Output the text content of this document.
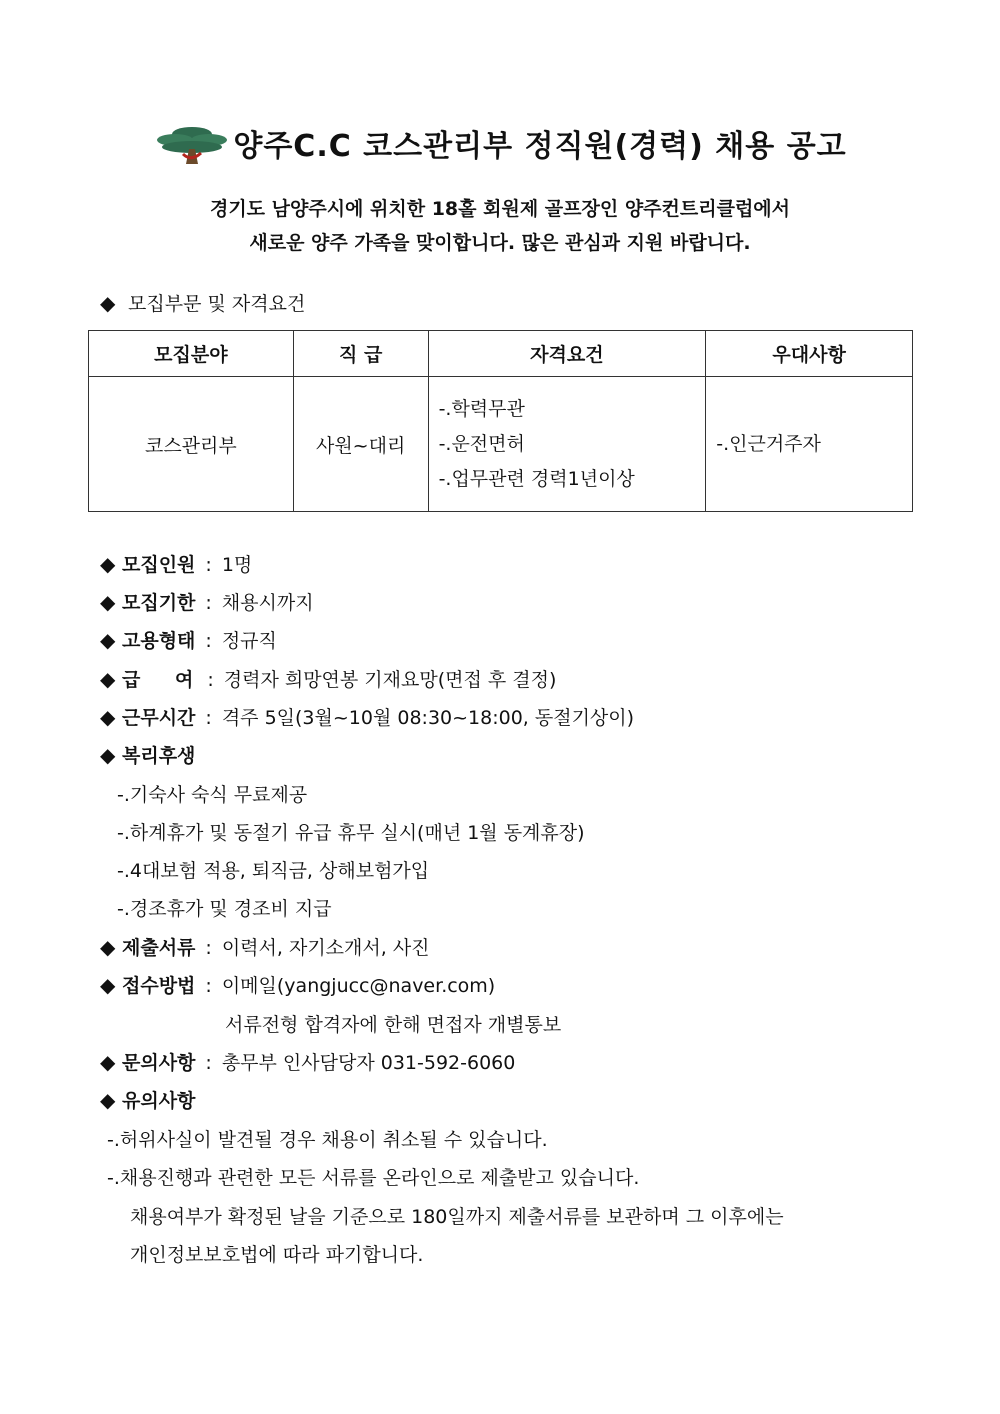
양주C.C 코스관리부 정직원(경력) 채용 공고
경기도 남양주시에 위치한 18홀 회원제 골프장인 양주컨트리클럽에서
새로운 양주 가족을 맞이합니다. 많은 관심과 지원 바랍니다.
◆ 모집부문 및 자격요건
모집분야	직 급	자격요건	우대사항
코스관리부	사원~대리	-.학력무관
-.운전면허
-.업무관련 경력1년이상	-.인근거주자
◆ 모집인원 : 1명
◆ 모집기한 : 채용시까지
◆ 고용형태 : 정규직
◆ 급 여: 경력자 희망연봉 기재요망(면접 후 결정)
◆ 근무시간 : 격주 5일(3월~10월 08:30~18:00, 동절기상이)
◆ 복리후생
-.기숙사 숙식 무료제공
-.하계휴가 및 동절기 유급 휴무 실시(매년 1월 동계휴장)
-.4대보험 적용, 퇴직금, 상해보험가입
-.경조휴가 및 경조비 지급
◆ 제출서류 : 이력서, 자기소개서, 사진
◆ 접수방법 : 이메일(yangjucc@naver.com)
서류전형 합격자에 한해 면접자 개별통보
◆ 문의사항 : 총무부 인사담당자 031-592-6060
◆ 유의사항
-.허위사실이 발견될 경우 채용이 취소될 수 있습니다.
-.채용진행과 관련한 모든 서류를 온라인으로 제출받고 있습니다.
채용여부가 확정된 날을 기준으로 180일까지 제출서류를 보관하며 그 이후에는
개인정보보호법에 따라 파기합니다.
